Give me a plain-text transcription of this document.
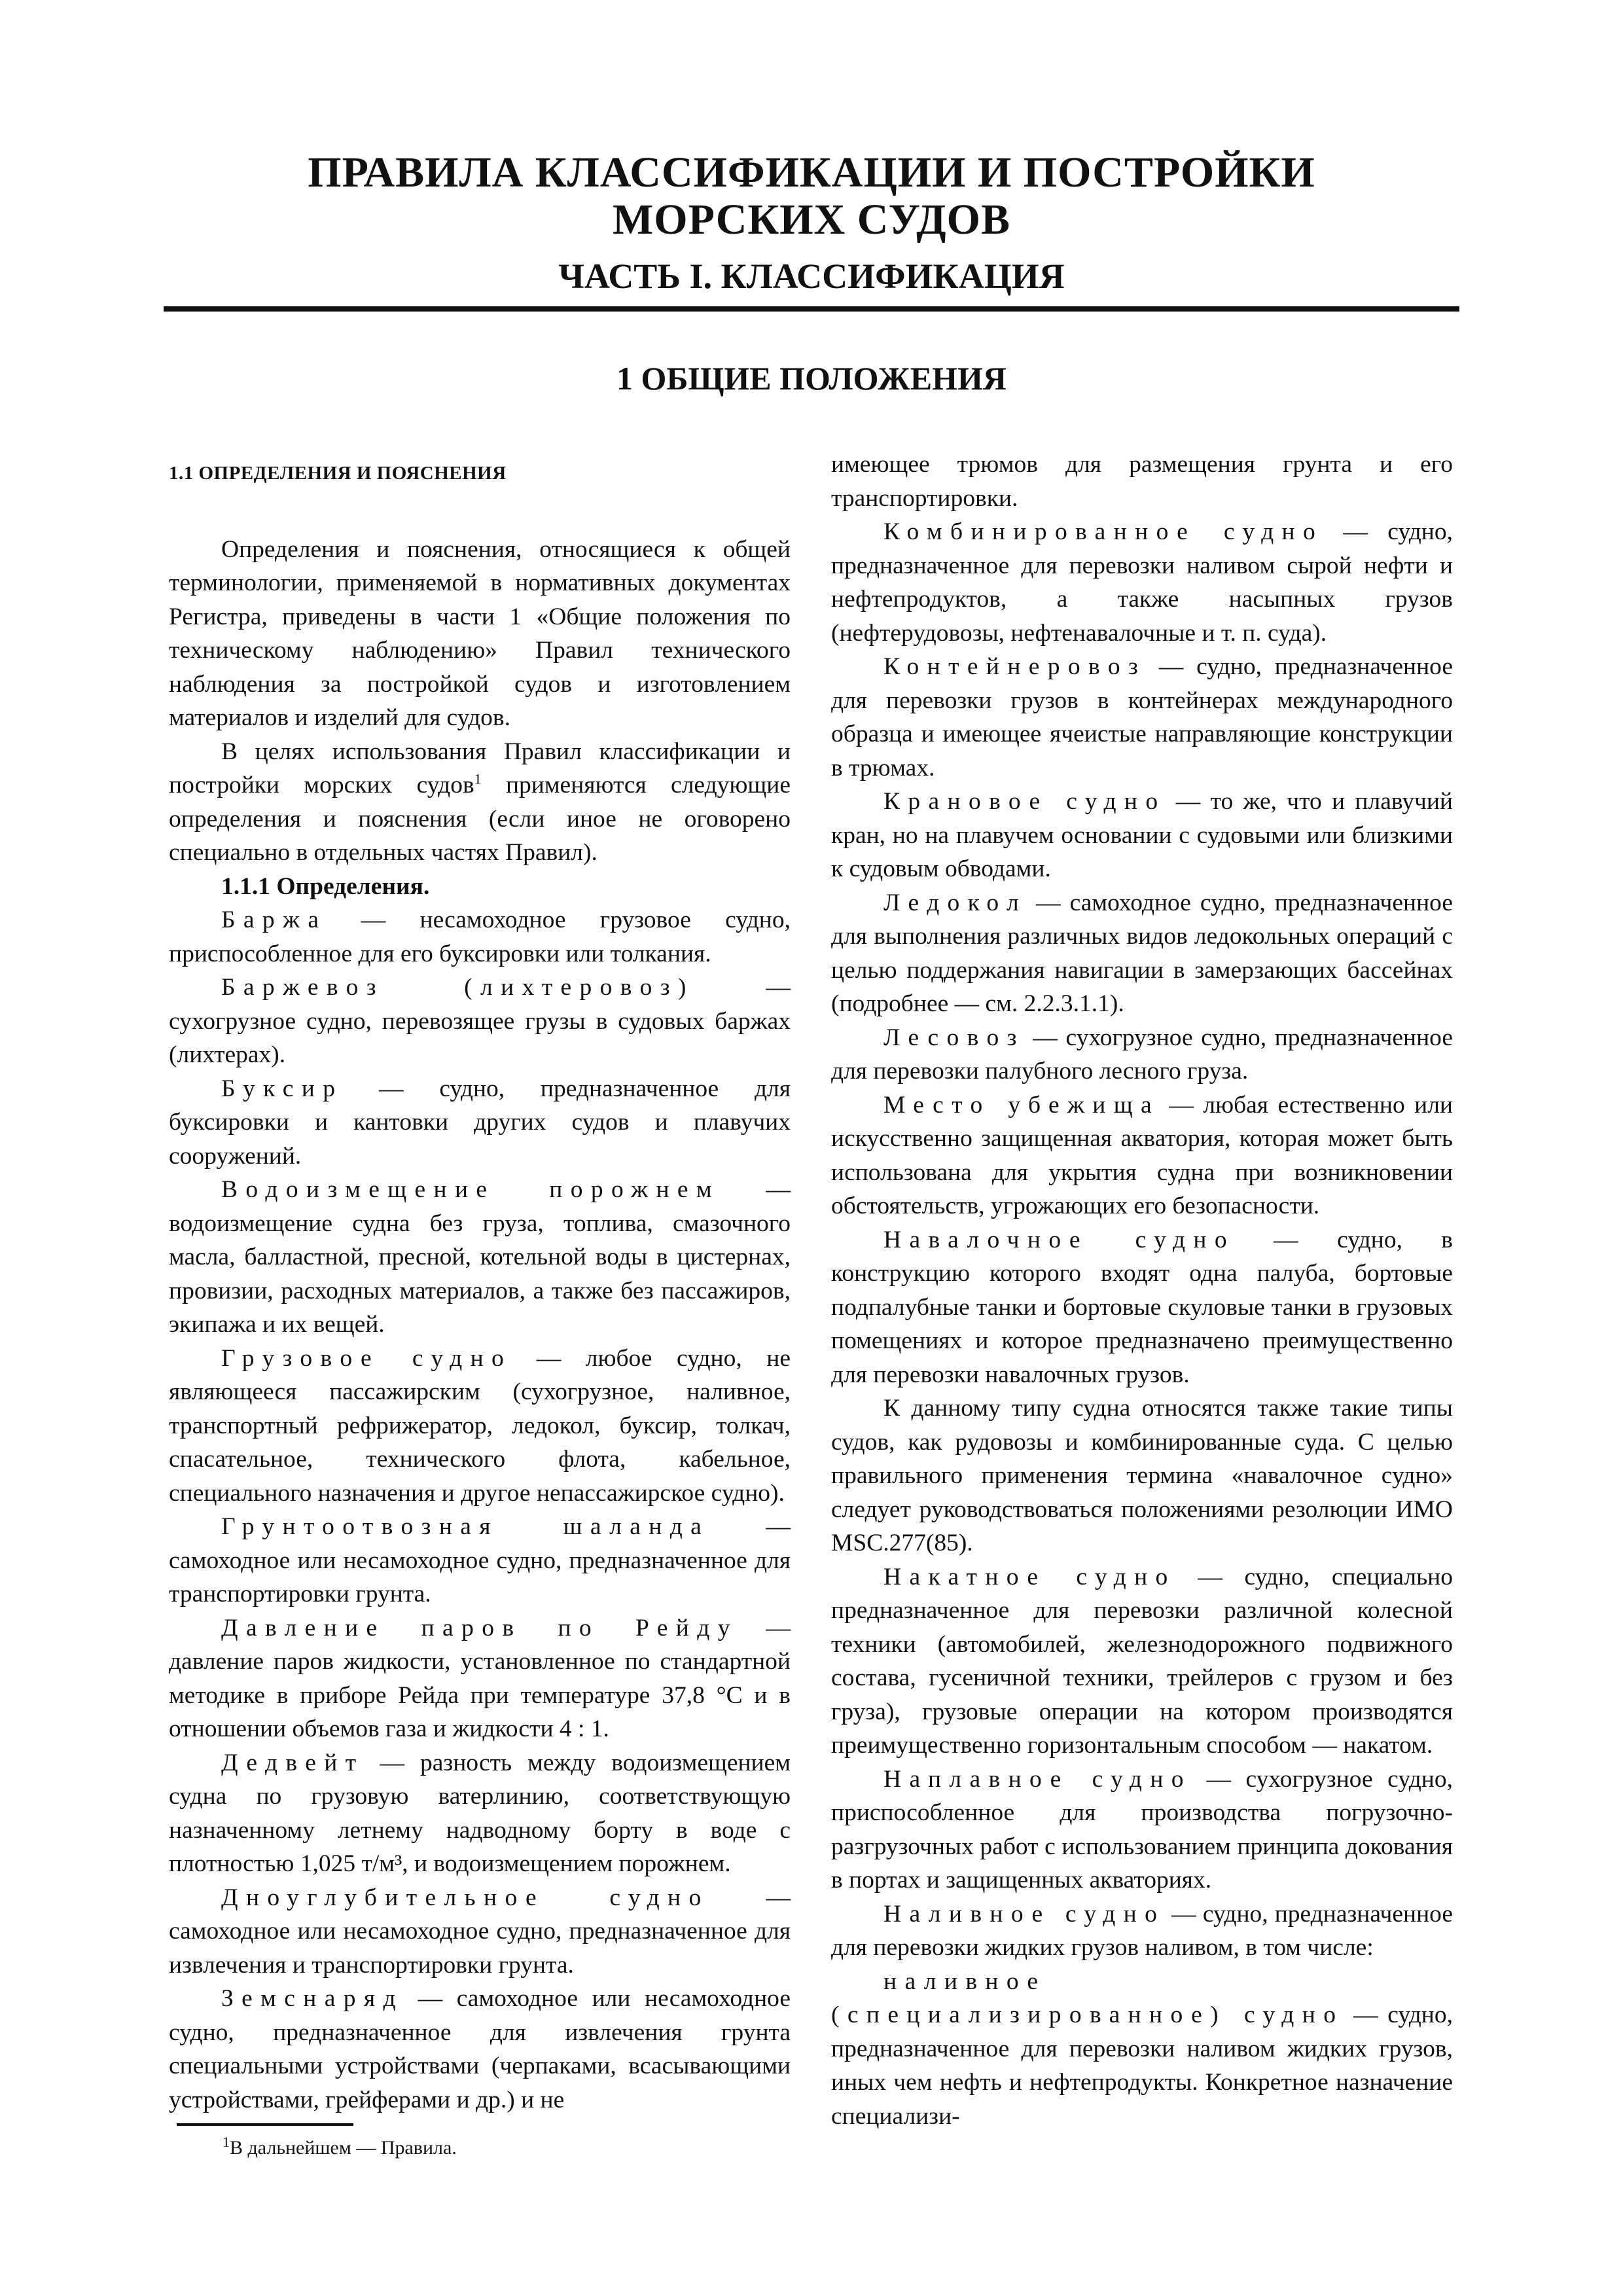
ПРАВИЛА КЛАССИФИКАЦИИ И ПОСТРОЙКИ
МОРСКИХ СУДОВ
ЧАСТЬ I. КЛАССИФИКАЦИЯ
1 ОБЩИЕ ПОЛОЖЕНИЯ

1.1 ОПРЕДЕЛЕНИЯ И ПОЯСНЕНИЯ

Определения и пояснения, относящиеся к общей терминологии, применяемой в нормативных документах Регистра, приведены в части 1 «Общие положения по техническому наблюдению» Правил технического наблюдения за постройкой судов и изготовлением материалов и изделий для судов.

В целях использования Правил классификации и постройки морских судов$^1$ применяются следующие определения и пояснения (если иное не оговорено специально в отдельных частях Правил).

1.1.1 Определения.

Баржа — несамоходное грузовое судно, приспособленное для его буксировки или толкания.

Баржевоз (лихтеровоз) — сухогрузное судно, перевозящее грузы в судовых баржах (лихтерах).

Буксир — судно, предназначенное для буксировки и кантовки других судов и плавучих сооружений.

Водоизмещение порожнем — водоизмещение судна без груза, топлива, смазочного масла, балластной, пресной, котельной воды в цистернах, провизии, расходных материалов, а также без пассажиров, экипажа и их вещей.

Грузовое судно — любое судно, не являющееся пассажирским (сухогрузное, наливное, транспортный рефрижератор, ледокол, буксир, толкач, спасательное, технического флота, кабельное, специального назначения и другое непассажирское судно).

Грунтоотвозная шаланда — самоходное или несамоходное судно, предназначенное для транспортировки грунта.

Давление паров по Рейду — давление паров жидкости, установленное по стандартной методике в приборе Рейда при температуре 37,8 °С и в отношении объемов газа и жидкости 4 : 1.

Дедвейт — разность между водоизмещением судна по грузовую ватерлинию, соответствующую назначенному летнему надводному борту в воде с плотностью 1,025 т/м³, и водоизмещением порожнем.

Дноуглубительное судно — самоходное или несамоходное судно, предназначенное для извлечения и транспортировки грунта.

Земснаряд — самоходное или несамоходное судно, предназначенное для извлечения грунта специальными устройствами (черпаками, всасывающими устройствами, грейферами и др.) и не

имеющее трюмов для размещения грунта и его транспортировки.

Комбинированное судно — судно, предназначенное для перевозки наливом сырой нефти и нефтепродуктов, а также насыпных грузов (нефтерудовозы, нефтенавалочные и т. п. суда).

Контейнеровоз — судно, предназначенное для перевозки грузов в контейнерах международного образца и имеющее ячеистые направляющие конструкции в трюмах.

Крановое судно — то же, что и плавучий кран, но на плавучем основании с судовыми или близкими к судовым обводами.

Ледокол — самоходное судно, предназначенное для выполнения различных видов ледокольных операций с целью поддержания навигации в замерзающих бассейнах (подробнее — см. 2.2.3.1.1).

Лесовоз — сухогрузное судно, предназначенное для перевозки палубного лесного груза.

Место убежища — любая естественно или искусственно защищенная акватория, которая может быть использована для укрытия судна при возникновении обстоятельств, угрожающих его безопасности.

Навалочное судно — судно, в конструкцию которого входят одна палуба, бортовые подпалубные танки и бортовые скуловые танки в грузовых помещениях и которое предназначено преимущественно для перевозки навалочных грузов.

К данному типу судна относятся также такие типы судов, как рудовозы и комбинированные суда. С целью правильного применения термина «навалочное судно» следует руководствоваться положениями резолюции ИМО MSC.277(85).

Накатное судно — судно, специально предназначенное для перевозки различной колесной техники (автомобилей, железнодорожного подвижного состава, гусеничной техники, трейлеров с грузом и без груза), грузовые операции на котором производятся преимущественно горизонтальным способом — накатом.

Наплавное судно — сухогрузное судно, приспособленное для производства погрузочно-разгрузочных работ с использованием принципа докования в портах и защищенных акваториях.

Наливное судно — судно, предназначенное для перевозки жидких грузов наливом, в том числе:

наливное (специализированное) судно — судно, предназначенное для перевозки наливом жидких грузов, иных чем нефть и нефтепродукты. Конкретное назначение специализи-

$^1$В дальнейшем — Правила.
